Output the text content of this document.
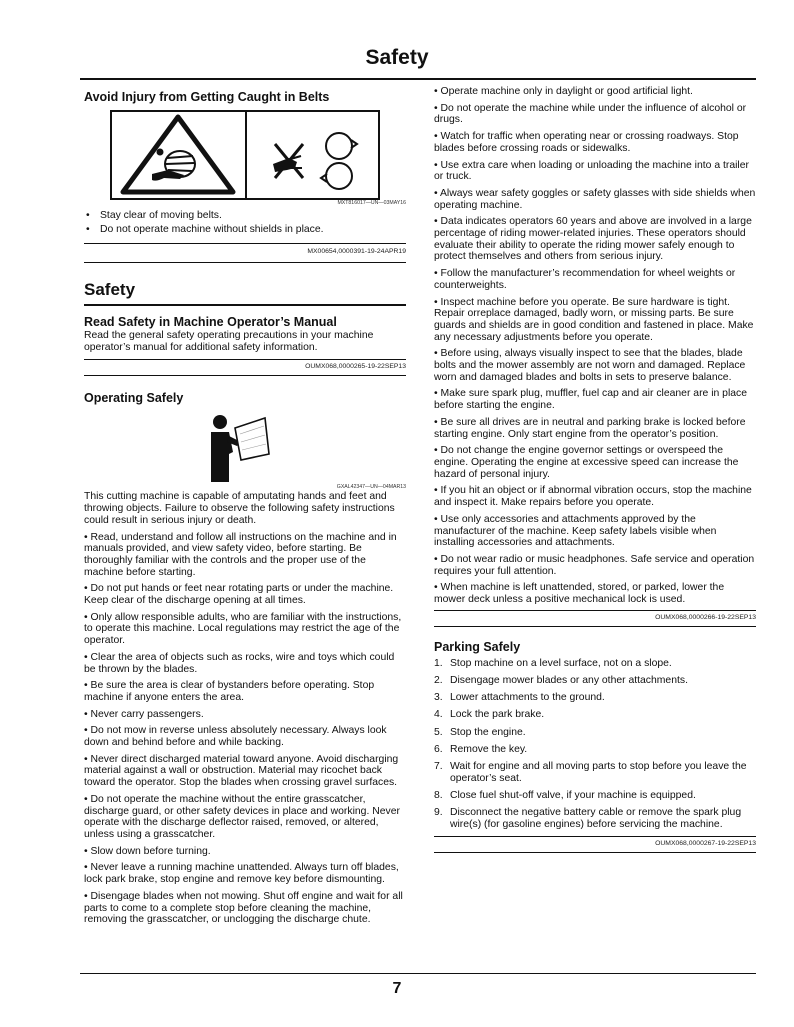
Safety
Avoid Injury from Getting Caught in Belts
MXT816017—UN—03MAY16
• Stay clear of moving belts.
• Do not operate machine without shields in place.
MX00654,0000391-19-24APR19
Safety
Read Safety in Machine Operator’s Manual

Read the general safety operating precautions in your machine operator’s manual for additional safety information.

OUMX068,0000265-19-22SEP13
Operating Safely
GXAL42347—UN—04MAR13

This cutting machine is capable of amputating hands and feet and throwing objects. Failure to observe the following safety instructions could result in serious injury or death.

• Read, understand and follow all instructions on the machine and in manuals provided, and view safety video, before starting. Be thoroughly familiar with the controls and the proper use of the machine before starting.
• Do not put hands or feet near rotating parts or under the machine. Keep clear of the discharge opening at all times.
• Only allow responsible adults, who are familiar with the instructions, to operate this machine. Local regulations may restrict the age of the operator.
• Clear the area of objects such as rocks, wire and toys which could be thrown by the blades.
• Be sure the area is clear of bystanders before operating. Stop machine if anyone enters the area.
• Never carry passengers.
• Do not mow in reverse unless absolutely necessary. Always look down and behind before and while backing.
• Never direct discharged material toward anyone. Avoid discharging material against a wall or obstruction. Material may ricochet back toward the operator. Stop the blades when crossing gravel surfaces.
• Do not operate the machine without the entire grasscatcher, discharge guard, or other safety devices in place and working. Never operate with the discharge deflector raised, removed, or altered, unless using a grasscatcher.
• Slow down before turning.
• Never leave a running machine unattended. Always turn off blades, lock park brake, stop engine and remove key before dismounting.
• Disengage blades when not mowing. Shut off engine and wait for all parts to come to a complete stop before cleaning the machine, removing the grasscatcher, or unclogging the discharge chute.
• Operate machine only in daylight or good artificial light.
• Do not operate the machine while under the influence of alcohol or drugs.
• Watch for traffic when operating near or crossing roadways. Stop blades before crossing roads or sidewalks.
• Use extra care when loading or unloading the machine into a trailer or truck.
• Always wear safety goggles or safety glasses with side shields when operating machine.
• Data indicates operators 60 years and above are involved in a large percentage of riding mower-related injuries. These operators should evaluate their ability to operate the riding mower safely enough to protect themselves and others from serious injury.
• Follow the manufacturer’s recommendation for wheel weights or counterweights.
• Inspect machine before you operate. Be sure hardware is tight. Repair orreplace damaged, badly worn, or missing parts. Be sure guards and shields are in good condition and fastened in place. Make any necessary adjustments before you operate.
• Before using, always visually inspect to see that the blades, blade bolts and the mower assembly are not worn and damaged. Replace worn and damaged blades and bolts in sets to preserve balance.
• Make sure spark plug, muffler, fuel cap and air cleaner are in place before starting the engine.
• Be sure all drives are in neutral and parking brake is locked before starting engine. Only start engine from the operator’s position.
• Do not change the engine governor settings or overspeed the engine. Operating the engine at excessive speed can increase the hazard of personal injury.
• If you hit an object or if abnormal vibration occurs, stop the machine and inspect it. Make repairs before you operate.
• Use only accessories and attachments approved by the manufacturer of the machine. Keep safety labels visible when installing accessories and attachments.
• Do not wear radio or music headphones. Safe service and operation requires your full attention.
• When machine is left unattended, stored, or parked, lower the mower deck unless a positive mechanical lock is used.
OUMX068,0000266-19-22SEP13
Parking Safely
1. Stop machine on a level surface, not on a slope.
2. Disengage mower blades or any other attachments.
3. Lower attachments to the ground.
4. Lock the park brake.
5. Stop the engine.
6. Remove the key.
7. Wait for engine and all moving parts to stop before you leave the operator’s seat.
8. Close fuel shut-off valve, if your machine is equipped.
9. Disconnect the negative battery cable or remove the spark plug wire(s) (for gasoline engines) before servicing the machine.
OUMX068,0000267-19-22SEP13
7
